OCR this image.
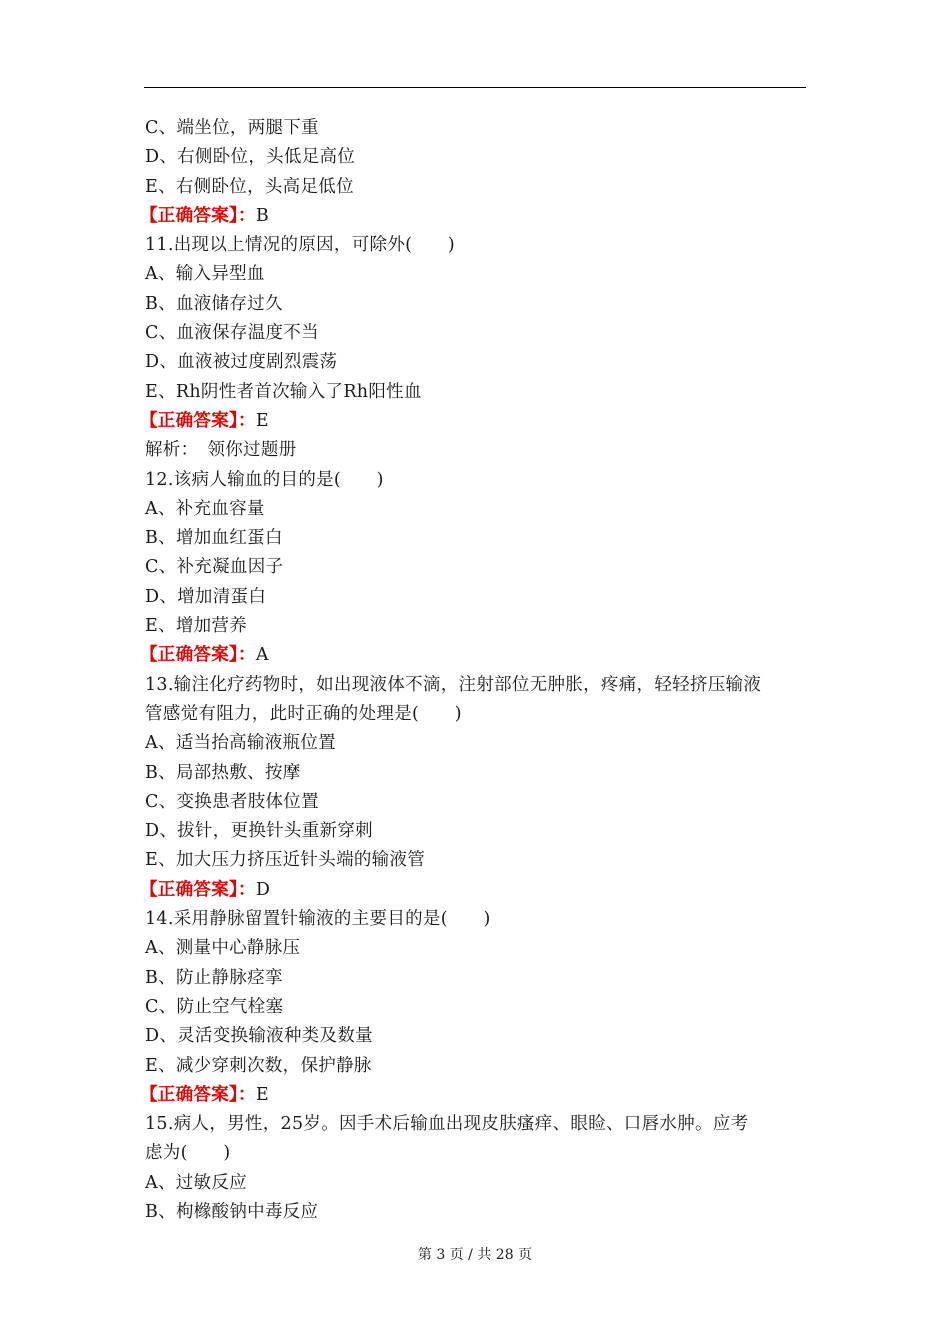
C、端坐位，两腿下重
D、右侧卧位，头低足高位
E、右侧卧位，头高足低位
【正确答案】：B
11.出现以上情况的原因，可除外(　　)
A、输入异型血
B、血液储存过久
C、血液保存温度不当
D、血液被过度剧烈震荡
E、Rh阴性者首次输入了Rh阳性血
【正确答案】：E
解析：　领你过题册
12.该病人输血的目的是(　　)
A、补充血容量
B、增加血红蛋白
C、补充凝血因子
D、增加清蛋白
E、增加营养
【正确答案】：A
13.输注化疗药物时，如出现液体不滴，注射部位无肿胀，疼痛，轻轻挤压输液
管感觉有阻力，此时正确的处理是(　　)
A、适当抬高输液瓶位置
B、局部热敷、按摩
C、变换患者肢体位置
D、拔针，更换针头重新穿刺
E、加大压力挤压近针头端的输液管
【正确答案】：D
14.采用静脉留置针输液的主要目的是(　　)
A、测量中心静脉压
B、防止静脉痉挛
C、防止空气栓塞
D、灵活变换输液种类及数量
E、减少穿刺次数，保护静脉
【正确答案】：E
15.病人，男性，25岁。因手术后输血出现皮肤瘙痒、眼睑、口唇水肿。应考
虑为(　　)
A、过敏反应
B、枸橼酸钠中毒反应
第 3 页 / 共 28 页
